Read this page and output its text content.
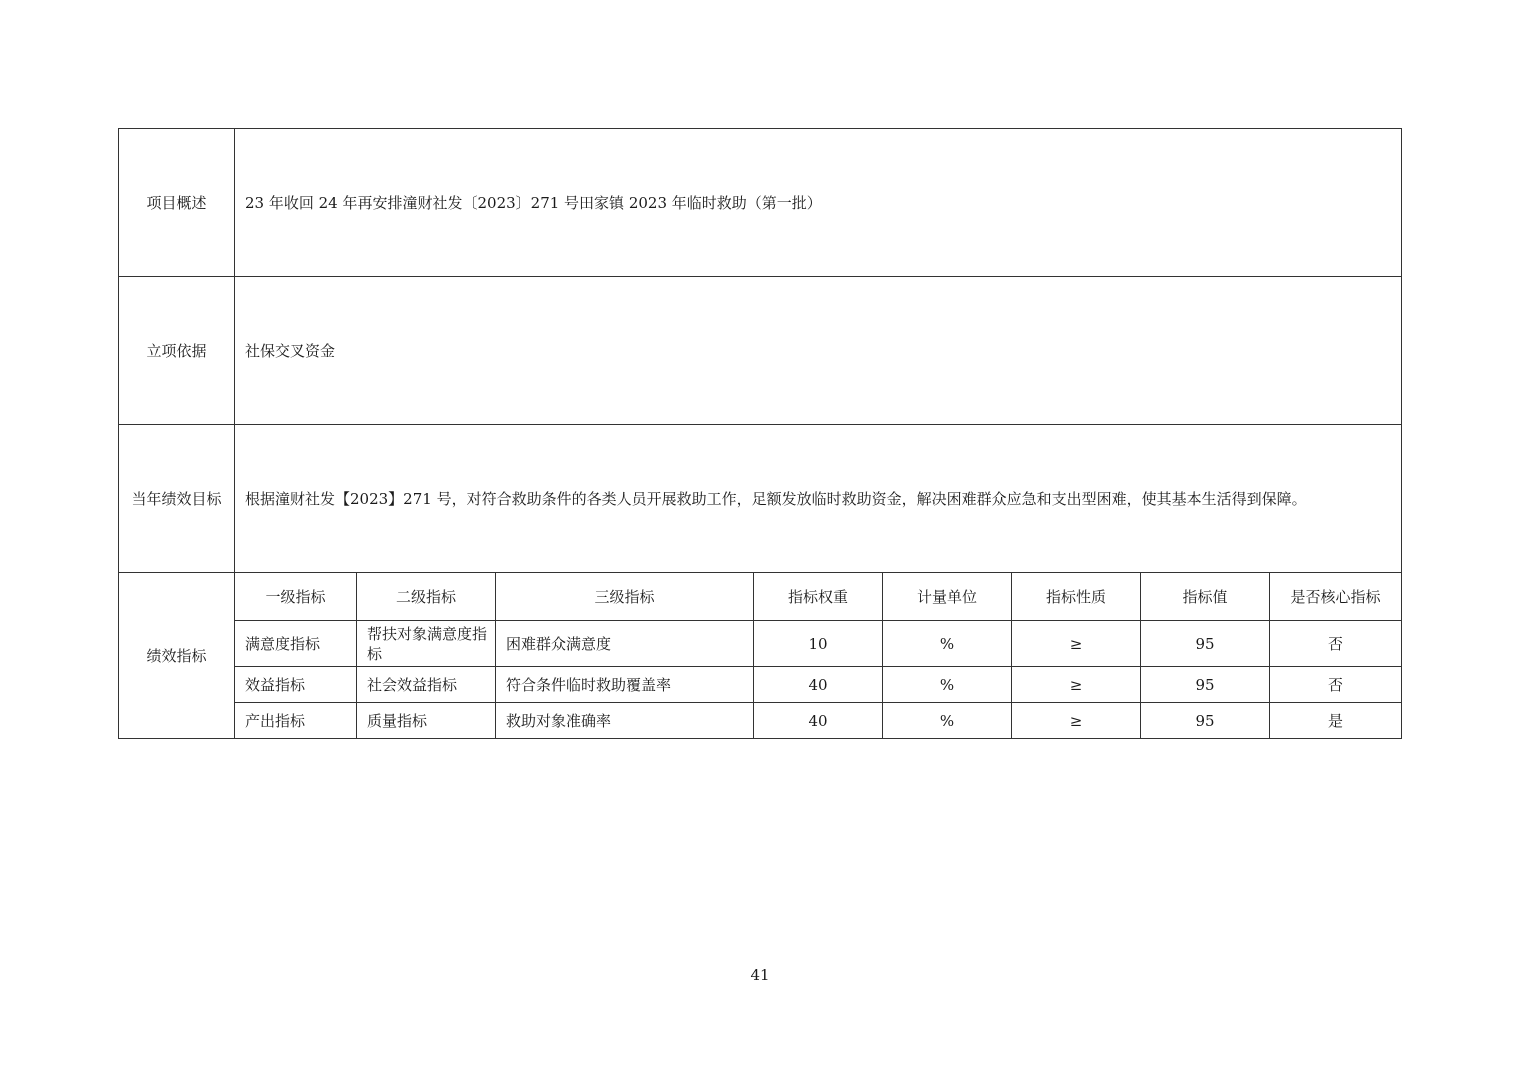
项目概述	23 年收回 24 年再安排潼财社发〔2023〕271 号田家镇 2023 年临时救助（第一批）							
立项依据	社保交叉资金							
当年绩效目标	根据潼财社发【2023】271 号，对符合救助条件的各类人员开展救助工作，足额发放临时救助资金，解决困难群众应急和支出型困难，使其基本生活得到保障。							
绩效指标	一级指标	二级指标	三级指标	指标权重	计量单位	指标性质	指标值	是否核心指标
	满意度指标	帮扶对象满意度指标	困难群众满意度	10	%	≥	95	否
	效益指标	社会效益指标	符合条件临时救助覆盖率	40	%	≥	95	否
	产出指标	质量指标	救助对象准确率	40	%	≥	95	是
41
